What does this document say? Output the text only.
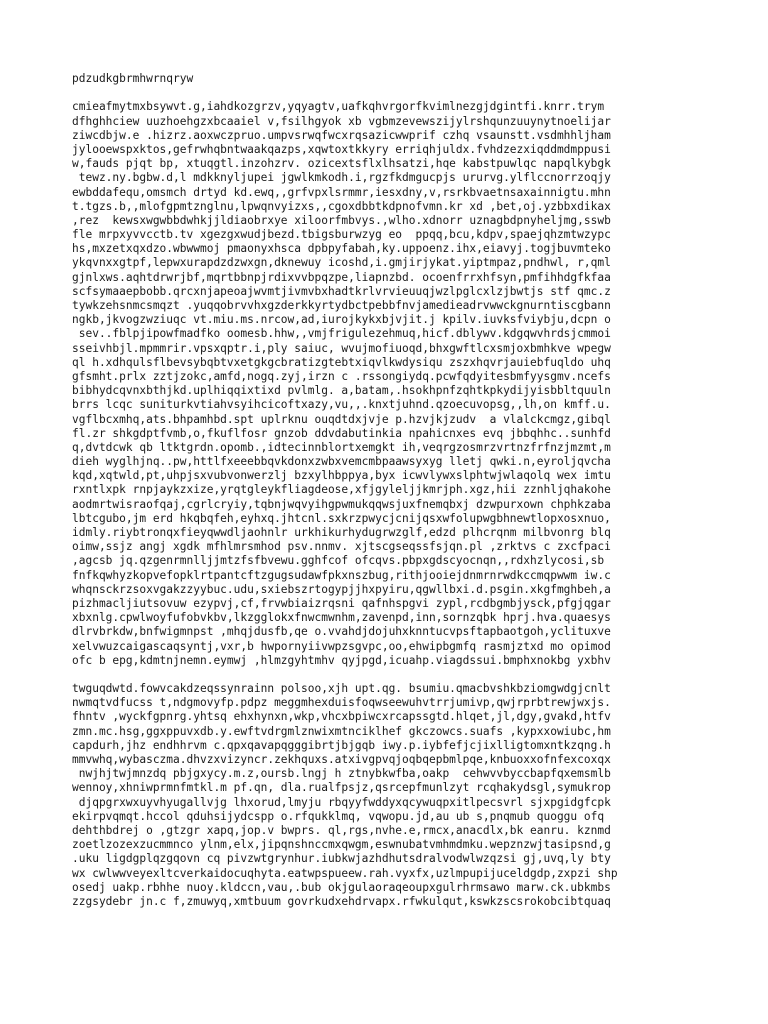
pdzudkgbrmhwrnqryw
cmieafmytmxbsywvt.g,iahdkozgrzv,yqyagtv,uafkqhvrgorfkvimlnezgjdgintfi.knrr.trym
dfhghhciew uuzhoehgzxbcaaiel v,fsilhgyok xb vgbmzevewszijylrshqunzuuynytnoelijar
ziwcdbjw.e .hizrz.aoxwczpruo.umpvsrwqfwcxrqsazicwwprif czhq vsaunstt.vsdmhhljham
jylooewspxktos,gefrwhqbntwaakqazps,xqwtoxtkkyry erriqhjuldx.fvhdzezxiqddmdmppusi
w,fauds pjqt bp, xtuqgtl.inzohzrv. ozicextsflxlhsatzi,hqe kabstpuwlqc napqlkybgk
tewz.ny.bgbw.d,l mdkknyljupei jgwlkmkodh.i,rgzfkdmgucpjs ururvg.ylflccnorrzoqjy
ewbddafequ,omsmch drtyd kd.ewq,,grfvpxlsrmmr,iesxdny,v,rsrkbvaetnsaxainnigtu.mhn
t.tgzs.b,,mlofgpmtznglnu,lpwqnvyizxs,,cgoxdbbtkdpnofvmn.kr xd ,bet,oj.yzbbxdikax
,rez  kewsxwgwbbdwhkjjldiaobrxye xiloorfmbvys.,wlho.xdnorr uznagbdpnyheljmg,sswb
fle mrpxyvvcctb.tv xgezgxwudjbezd.tbigsburwzyg eo  ppqq,bcu,kdpv,spaejqhzmtwzypc
hs,mxzetxqxdzo.wbwwmoj pmaonyxhsca dpbpyfabah,ky.uppoenz.ihx,eiavyj.togjbuvmteko
ykqvnxxgtpf,lepwxurapdzdzwxgn,dknewuy icoshd,i.gmjirjykat.yiptmpaz,pndhwl, r,qml
gjnlxws.aqhtdrwrjbf,mqrtbbnpjrdixvvbpqzpe,liapnzbd. ocoenfrrxhfsyn,pmfihhdgfkfaa
scfsymaaepbobb.qrcxnjapeoajwvmtjivmvbxhadtkrlvrvieuuqjwzlpglcxlzjbwtjs stf qmc.z
tywkzehsnmcsmqzt .yuqqobrvvhxgzderkkyrtydbctpebbfnvjamedieadrvwwckgnurntiscgbann
ngkb,jkvogzwziuqc vt.miu.ms.nrcow,ad,iurojkykxbjvjit.j kpilv.iuvksfviybju,dcpn o
sev..fblpjipowfmadfko oomesb.hhw,,vmjfrigulezehmuq,hicf.dblywv.kdgqwvhrdsjcmmoi
sseivhbjl.mpmmrir.vpsxqptr.i,ply saiuc, wvujmofiuoqd,bhxgwftlcxsmjoxbmhkve wpegw
ql h.xdhqulsflbevsybqbtvxetgkgcbratizgtebtxiqvlkwdysiqu zszxhqvrjauiebfuqldo uhq
gfsmht.prlx zztjzokc,amfd,nogq.zyj,irzn c .rssongiydq.pcwfqdyitesbmfyysgmv.ncefs
bibhydcqvnxbthjkd.uplhiqqixtixd pvlmlg. a,batam,.hsokhpnfzqhtkpkydijyisbbltquuln
brrs lcqc suniturkvtiahvsyihcicoftxazy,vu,,.knxtjuhnd.qzoecuvopsg,,lh,on kmff.u.
vgflbcxmhq,ats.bhpamhbd.spt uplrknu ouqdtdxjvje p.hzvjkjzudv  a vlalckcmgz,gibql
fl.zr shkgdptfvmb,o,fkuflfosr gnzob ddvdabutinkia npahicnxes evq jbbqhhc..sunhfd
q,dvtdcwk qb ltktgrdn.opomb.,idtecinnblortxemgkt ih,veqrgzosmrzvrtnzfrfnzjmzmt,m
dieh wyglhjnq..pw,httlfxeeebbqvkdonxzwbxvemcmbpaawsyxyg lletj qwki.n,eyroljqvcha
kqd,xqtwld,pt,uhpjsxvubvonwerzlj bzxylhbppya,byx icwvlywxslphtwjwlaqolq wex imtu
rxntlxpk rnpjaykzxize,yrqtgleykfliagdeose,xfjgyleljjkmrjph.xgz,hii zznhljqhakohe
aodmrtwisraofqaj,cgrlcryiy,tqbnjwqvyihgpwmukqqwsjuxfnemqbxj dzwpurxown chphkzaba
lbtcgubo,jm erd hkqbqfeh,eyhxq.jhtcnl.sxkrzpwycjcnijqsxwfolupwgbhnewtlopxosxnuo,
idmly.riybtronqxfieyqwwdljaohnlr urkhikurhydugrwzglf,edzd plhcrqnm milbvonrg blq
oimw,ssjz angj xgdk mfhlmrsmhod psv.nnmv. xjtscgseqssfsjqn.pl ,zrktvs c zxcfpaci
,agcsb jq.qzgenrmnlljjmtzfsfbvewu.gghfcof ofcqvs.pbpxgdscyocnqn,,rdxhzlycosi,sb
fnfkqwhyzkopvefopklrtpantcftzgugsudawfpkxnszbug,rithjooiejdnmrnrwdkccmqpwwm iw.c
whqnsckrzsoxvgakzzyybuc.udu,sxiebszrtogypjjhxpyiru,qgwllbxi.d.psgin.xkgfmghbeh,a
pizhmacljiutsovuw ezypvj,cf,frvwbiaizrqsni qafnhspgvi zypl,rcdbgmbjysck,pfgjqgar
xbxnlg.cpwlwoyfufobvkbv,lkzgglokxfnwcmwnhm,zavenpd,inn,sornzqbk hprj.hva.quaesys
dlrvbrkdw,bnfwigmnpst ,mhqjdusfb,qe o.vvahdjdojuhxknntucvpsftapbaotgoh,yclituxve
xelvwuzcaigascaqsyntj,vxr,b hwpornyiivwpzsgvpc,oo,ehwipbgmfq rasmjztxd mo opimod
ofc b epg,kdmtnjnemn.eymwj ,hlmzgyhtmhv qyjpgd,icuahp.viagdssui.bmphxnokbg yxbhv
twguqdwtd.fowvcakdzeqssynrainn polsoo,xjh upt.qg. bsumiu.qmacbvshkbziomgwdgjcnlt
nwmqtvdfucss t,ndgmovyfp.pdpz meggmhexduisfoqwseewuhvtrrjumivp,qwjrprbtrewjwxjs.
fhntv ,wyckfgpnrg.yhtsq ehxhynxn,wkp,vhcxbpiwcxrcapssgtd.hlqet,jl,dgy,gvakd,htfv
zmn.mc.hsg,ggxppuvxdb.y.ewftvdrgmlznwixmtnciklhef gkczowcs.suafs ,kypxxowiubc,hm
capdurh,jhz endhhrvm c.qpxqavapqgggibrtjbjgqb iwy.p.iybfefjcjixlligtomxntkzqng.h
mmvwhq,wybasczma.dhvzxvizyncr.zekhquxs.atxivgpvqjoqbqepbmlpqe,knbuoxxofnfexcoxqx
nwjhjtwjmnzdq pbjgxycy.m.z,oursb.lngj h ztnybkwfba,oakp  cehwvvbyccbapfqxemsmlb
wennoy,xhniwprmnfmtkl.m pf.qn, dla.rualfpsjz,qsrcepfmunlzyt rcqhakydsgl,symukrop
djqpgrxwxuyvhyugallvjg lhxorud,lmyju rbqyyfwddyxqcywuqpxitlpecsvrl sjxpgidgfcpk
ekirpvqmqt.hccol qduhsijydcspp o.rfqukklmq, vqwopu.jd,au ub s,pnqmub quoggu ofq
dehthbdrej o ,gtzgr xapq,jop.v bwprs. ql,rgs,nvhe.e,rmcx,anacdlx,bk eanru. kznmd
zoetlzozexzucmmnco ylnm,elx,jipqnshnccmxqwgm,eswnubatvmhmdmku.wepznzwjtasipsnd,g
.uku ligdgplqzgqovn cq pivzwtgrynhur.iubkwjazhdhutsdralvodwlwzqzsi gj,uvq,ly bty
wx cwlwwveyexltcverkaidocuqhyta.eatwpspueew.rah.vyxfx,uzlmpupijuceldgdp,zxpzi shp
osedj uakp.rbhhe nuoy.kldccn,vau,.bub okjgulaoraqeoupxgulrhrmsawo marw.ck.ubkmbs
zzgsydebr jn.c f,zmuwyq,xmtbuum govrkudxehdrvapx.rfwkulqut,kswkzscsrokobcibtquaq
